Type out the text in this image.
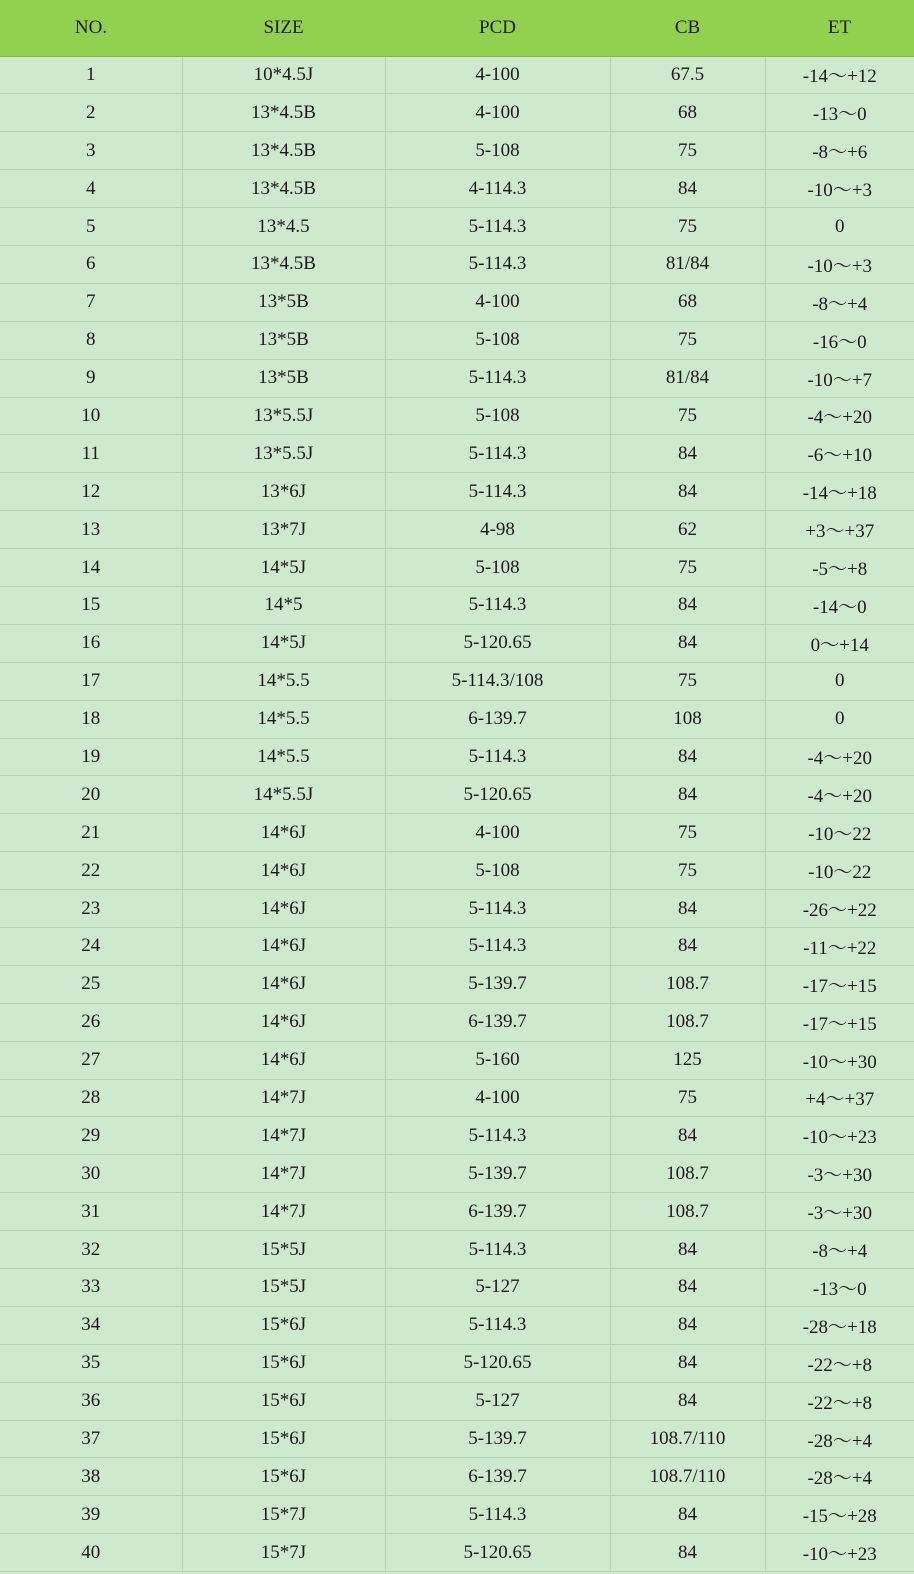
NO.	SIZE	PCD	CB	ET
1	10*4.5J	4-100	67.5	-14～+12
2	13*4.5B	4-100	68	-13～0
3	13*4.5B	5-108	75	-8～+6
4	13*4.5B	4-114.3	84	-10～+3
5	13*4.5	5-114.3	75	0
6	13*4.5B	5-114.3	81/84	-10～+3
7	13*5B	4-100	68	-8～+4
8	13*5B	5-108	75	-16～0
9	13*5B	5-114.3	81/84	-10～+7
10	13*5.5J	5-108	75	-4～+20
11	13*5.5J	5-114.3	84	-6～+10
12	13*6J	5-114.3	84	-14～+18
13	13*7J	4-98	62	+3～+37
14	14*5J	5-108	75	-5～+8
15	14*5	5-114.3	84	-14～0
16	14*5J	5-120.65	84	0～+14
17	14*5.5	5-114.3/108	75	0
18	14*5.5	6-139.7	108	0
19	14*5.5	5-114.3	84	-4～+20
20	14*5.5J	5-120.65	84	-4～+20
21	14*6J	4-100	75	-10～22
22	14*6J	5-108	75	-10～22
23	14*6J	5-114.3	84	-26～+22
24	14*6J	5-114.3	84	-11～+22
25	14*6J	5-139.7	108.7	-17～+15
26	14*6J	6-139.7	108.7	-17～+15
27	14*6J	5-160	125	-10～+30
28	14*7J	4-100	75	+4～+37
29	14*7J	5-114.3	84	-10～+23
30	14*7J	5-139.7	108.7	-3～+30
31	14*7J	6-139.7	108.7	-3～+30
32	15*5J	5-114.3	84	-8～+4
33	15*5J	5-127	84	-13～0
34	15*6J	5-114.3	84	-28～+18
35	15*6J	5-120.65	84	-22～+8
36	15*6J	5-127	84	-22～+8
37	15*6J	5-139.7	108.7/110	-28～+4
38	15*6J	6-139.7	108.7/110	-28～+4
39	15*7J	5-114.3	84	-15～+28
40	15*7J	5-120.65	84	-10～+23
